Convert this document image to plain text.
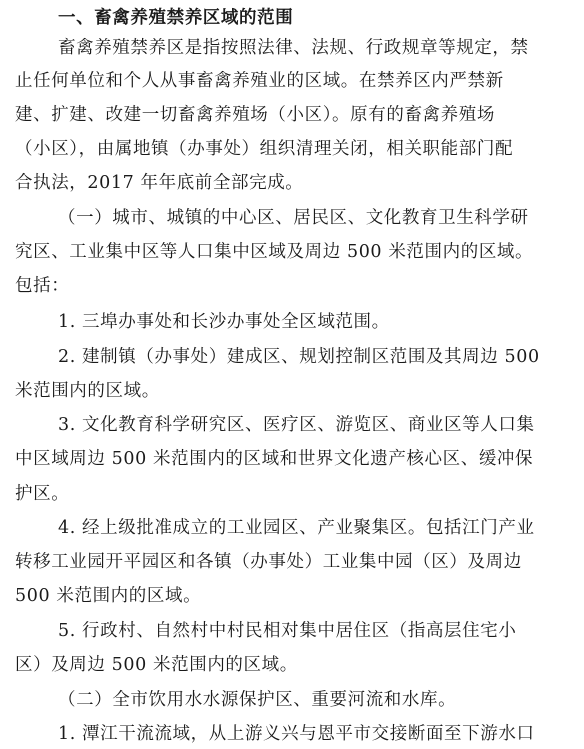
一、畜禽养殖禁养区域的范围
畜禽养殖禁养区是指按照法律、法规、行政规章等规定，禁
止任何单位和个人从事畜禽养殖业的区域。在禁养区内严禁新
建、扩建、改建一切畜禽养殖场（小区）。原有的畜禽养殖场
（小区），由属地镇（办事处）组织清理关闭，相关职能部门配
合执法，2017 年年底前全部完成。
（一）城市、城镇的中心区、居民区、文化教育卫生科学研
究区、工业集中区等人口集中区域及周边 500 米范围内的区域。
包括：
1. 三埠办事处和长沙办事处全区域范围。
2. 建制镇（办事处）建成区、规划控制区范围及其周边 500
米范围内的区域。
3. 文化教育科学研究区、医疗区、游览区、商业区等人口集
中区域周边 500 米范围内的区域和世界文化遗产核心区、缓冲保
护区。
4. 经上级批准成立的工业园区、产业聚集区。包括江门产业
转移工业园开平园区和各镇（办事处）工业集中园（区）及周边
500 米范围内的区域。
5. 行政村、自然村中村民相对集中居住区（指高层住宅小
区）及周边 500 米范围内的区域。
（二）全市饮用水水源保护区、重要河流和水库。
1. 潭江干流流域，从上游义兴与恩平市交接断面至下游水口
